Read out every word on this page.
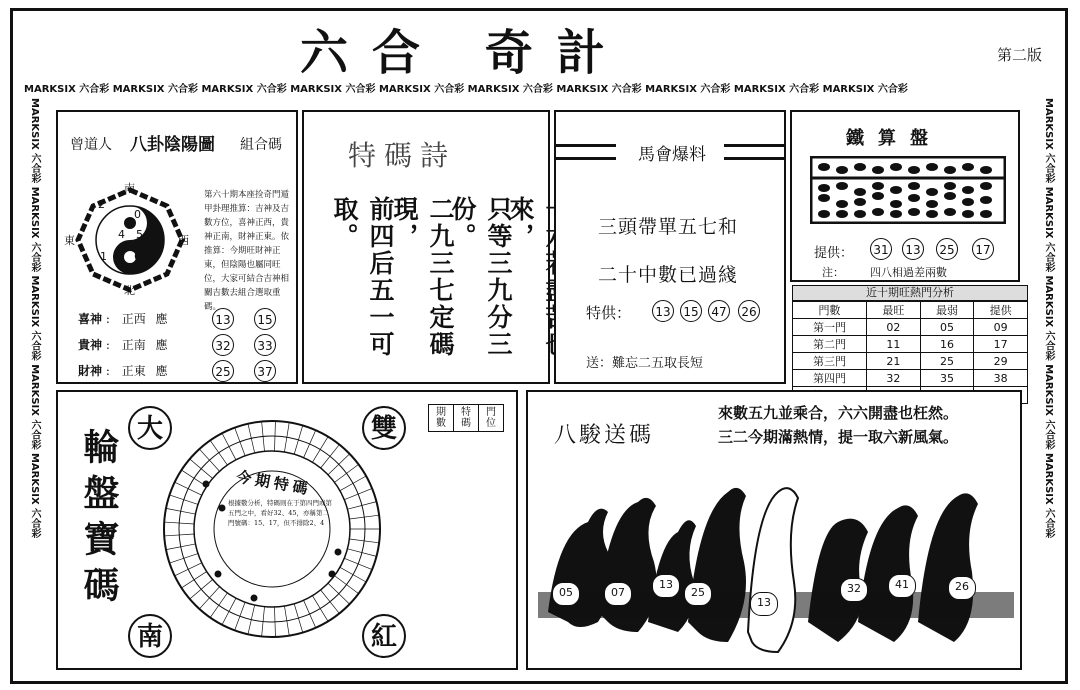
六合 奇計	第二版
MARKSIX 六合彩 MARKSIX 六合彩 MARKSIX 六合彩 MARKSIX 六合彩 MARKSIX 六合彩 MARKSIX 六合彩 MARKSIX 六合彩 MARKSIX 六合彩 MARKSIX 六合彩 MARKSIX 六合彩
MARKSIX 六合彩 MARKSIX 六合彩 MARKSIX 六合彩 MARKSIX 六合彩 MARKSIX 六合彩	MARKSIX 六合彩 MARKSIX 六合彩 MARKSIX 六合彩 MARKSIX 六合彩 MARKSIX 六合彩
曾道人 八卦陰陽圖 組合碼
2
0
4 5
1 6
南
北
東	西
第六十期本座捡奇門遁甲卦理推算：吉神及吉數方位，喜神正西，貴神正南，財神正東。依推算：今期旺財神正東，但陰陽也屬同旺位，大家可結合吉神相關吉數去組合選取重碼。
喜神 : 正西 應	13 15
貴神 : 正南 應	32 33
財神 : 正東 應	25 37
特碼詩
來，
只等三九分三份。
二九三七定碼現，
前四后五一可取。
馬會爆料
三頭帶單五七和
二十中數已過綫
特供： 13 15 47 26
送：難忘二五取長短
鐵算盤
提供： 31 13 25 17
注： 四八相過差兩數
近十期旺熱門分析
門數	最旺	最弱	提供
第一門	02	05	09
第二門	11	16	17
第三門	21	25	29
第四門	32	35	38

輪盤寶碼 大	雙
南	紅
今期特碼
根據數分析，特碼則在于第四門或第五門之中，看好32、45，亦稱第二門號碼：15、17，但不排除2、4
期數	特碼	門位	八駿送碼
來數五九並乘合，六六開盡也枉然。
三二今期滿熱情，提一取六新風氣。
05	07
13
25
13
32	41	26
